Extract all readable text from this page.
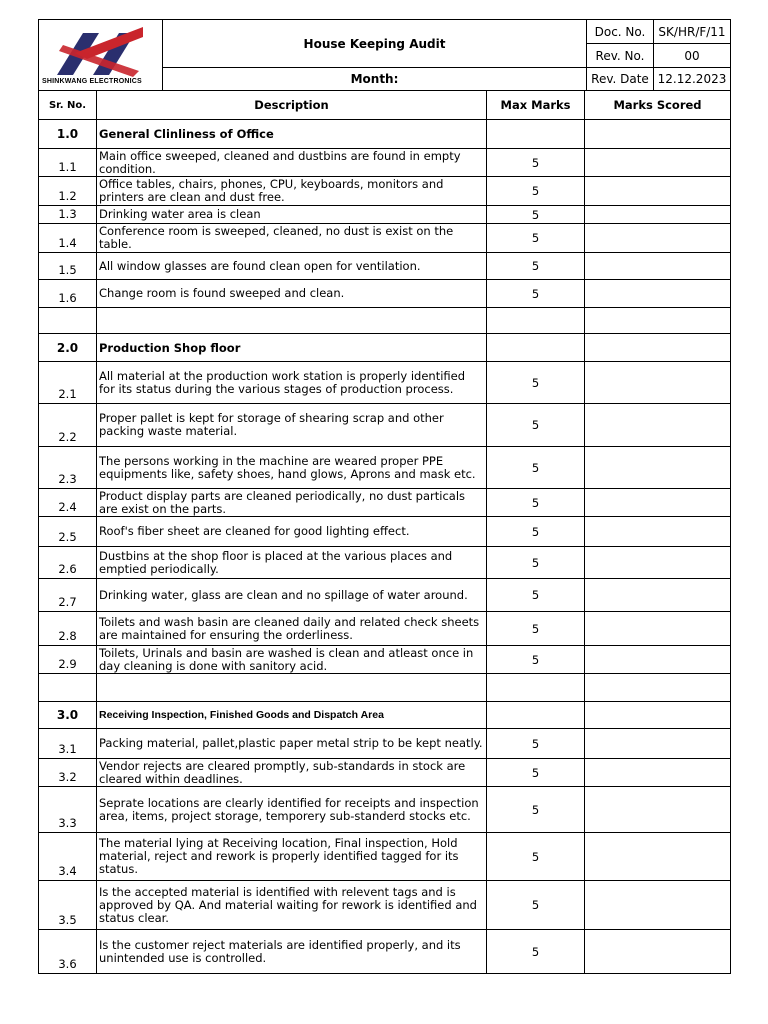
SHINKWANG ELECTRONICS	House Keeping Audit	Doc. No.	SK/HR/F/11
		Rev. No.	00
	Month:	Rev. Date	12.12.2023
Sr. No.	Description	Max Marks	Marks Scored
1.0	General Clinliness of Office		
1.1	Main office sweeped, cleaned and dustbins are found in empty condition.	5	
1.2	Office tables, chairs, phones, CPU, keyboards, monitors and printers are clean and dust free.	5	
1.3	Drinking water area is clean	5	
1.4	Conference room is sweeped, cleaned, no dust is exist on the table.	5	
1.5	All window glasses are found clean open for ventilation.	5	
1.6	Change room is found sweeped and clean.	5	

2.0	Production Shop floor		
2.1	All material at the production work station is properly identified for its status during the various stages of production process.	5	
2.2	Proper pallet is kept for storage of shearing scrap and other packing waste material.	5	
2.3	The persons working in the machine are weared proper PPE equipments like, safety shoes, hand glows, Aprons and mask etc.	5	
2.4	Product display parts are cleaned periodically, no dust particals are exist on the parts.	5	
2.5	Roof's fiber sheet are cleaned for good lighting effect.	5	
2.6	Dustbins at the shop floor is placed at the various places and emptied periodically.	5	
2.7	Drinking water, glass are clean and no spillage of water around.	5	
2.8	Toilets and wash basin are cleaned daily and related check sheets are maintained for ensuring the orderliness.	5	
2.9	Toilets, Urinals and basin are washed is clean and atleast once in day cleaning is done with sanitory acid.	5	

3.0	Receiving Inspection, Finished Goods and Dispatch Area		
3.1	Packing material, pallet,plastic paper metal strip to be kept neatly.	5	
3.2	Vendor rejects are cleared promptly, sub-standards in stock are cleared within deadlines.	5	
3.3	Seprate locations are clearly identified for receipts and inspection area, items, project storage, temporery sub-standerd stocks etc.	5	
3.4	The material lying at Receiving location, Final inspection, Hold material, reject and rework is properly identified tagged for its status.	5	
3.5	Is the accepted material is identified with relevent tags and is approved by QA. And material waiting for rework is identified and status clear.	5	
3.6	Is the customer reject materials are identified properly, and its unintended use is controlled.	5	
